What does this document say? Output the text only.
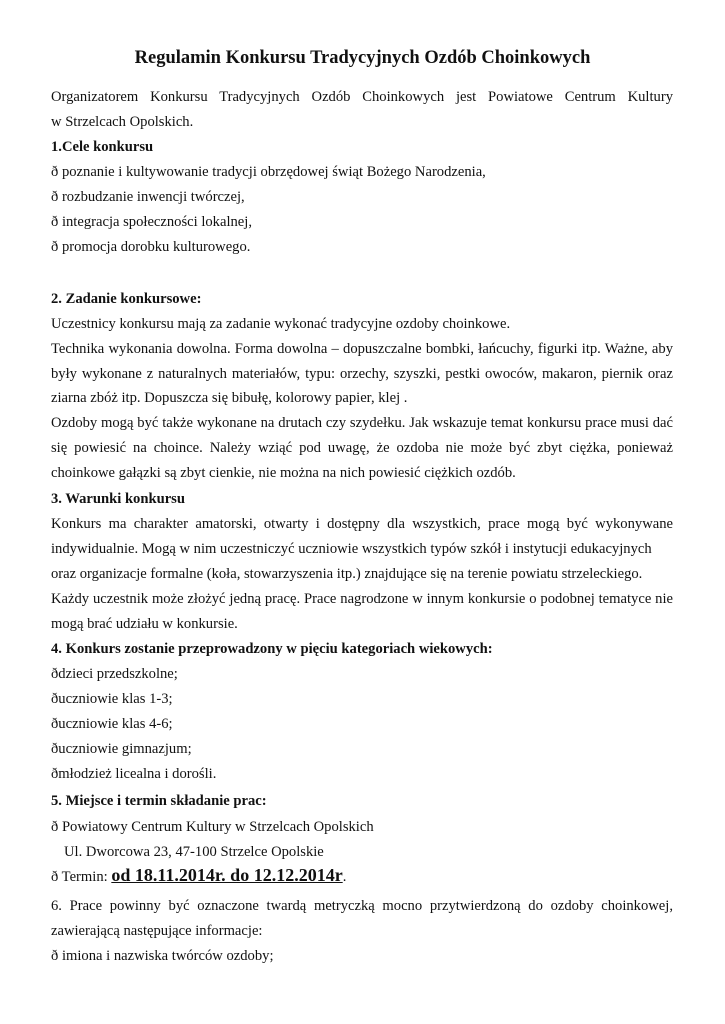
Regulamin Konkursu Tradycyjnych Ozdób Choinkowych
Organizatorem Konkursu Tradycyjnych Ozdób Choinkowych jest Powiatowe Centrum Kultury
w Strzelcach Opolskich.
1.Cele konkursu
ð poznanie i kultywowanie tradycji obrzędowej świąt Bożego Narodzenia,
ð rozbudzanie inwencji twórczej,
ð integracja społeczności lokalnej,
ð promocja dorobku kulturowego.
2. Zadanie konkursowe:
Uczestnicy konkursu mają za zadanie wykonać tradycyjne ozdoby choinkowe.
Technika wykonania dowolna. Forma dowolna – dopuszczalne bombki, łańcuchy, figurki itp. Ważne, aby
były wykonane z naturalnych materiałów, typu: orzechy, szyszki, pestki owoców, makaron, piernik oraz
ziarna zbóż itp. Dopuszcza się bibułę, kolorowy papier, klej .
Ozdoby mogą być także wykonane na drutach czy szydełku. Jak wskazuje temat konkursu prace musi dać
się powiesić na choince. Należy wziąć pod uwagę, że ozdoba nie może być zbyt ciężka, ponieważ
choinkowe gałązki są zbyt cienkie, nie można na nich powiesić ciężkich ozdób.
3. Warunki konkursu
Konkurs ma charakter amatorski, otwarty i dostępny dla wszystkich, prace mogą być wykonywane
indywidualnie. Mogą w nim uczestniczyć uczniowie wszystkich typów szkół i instytucji edukacyjnych
oraz organizacje formalne (koła, stowarzyszenia itp.) znajdujące się na terenie powiatu strzeleckiego.
Każdy uczestnik może złożyć jedną pracę. Prace nagrodzone w innym konkursie o podobnej tematyce nie
mogą brać udziału w konkursie.
4. Konkurs zostanie przeprowadzony w pięciu kategoriach wiekowych:
ðdzieci przedszkolne;
ðuczniowie klas 1-3;
ðuczniowie klas 4-6;
ðuczniowie gimnazjum;
ðmłodzież licealna i dorośli.
5. Miejsce i termin składanie prac:
ð Powiatowy Centrum Kultury w Strzelcach Opolskich
Ul. Dworcowa 23, 47-100 Strzelce Opolskie
ð Termin: od 18.11.2014r. do 12.12.2014r.
6. Prace powinny być oznaczone twardą metryczką mocno przytwierdzoną do ozdoby choinkowej,
zawierającą następujące informacje:
ð imiona i nazwiska twórców ozdoby;
